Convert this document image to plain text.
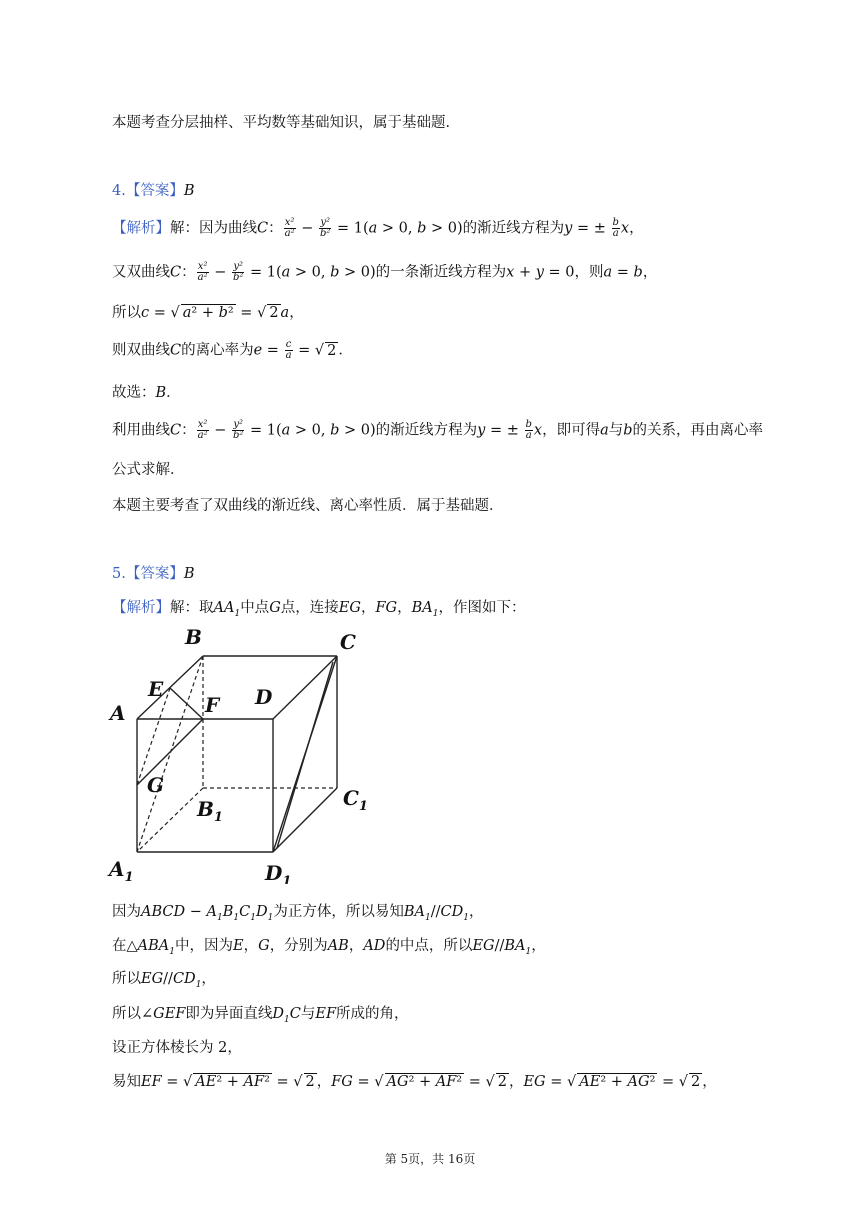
本题考查分层抽样、平均数等基础知识，属于基础题．
4.【答案】B
【解析】解：因为曲线C： $\frac{\text{x²}}{\text{a²}} - \frac{\text{y²}}{\text{b²}} = 1(a > 0$, b > 0)的渐近线方程为y = ± $\frac{b}{a}$ x，
又双曲线C： $\frac{\text{x²}}{\text{a²}} - \frac{\text{y²}}{\text{b²}} = 1(a > 0$, b > 0)的一条渐近线方程为x + y = 0，则a = b，
所以c = √ a² + b² = √ 2 a，
则双曲线C的离心率为$e = \frac{c}{a}$ = √ 2 ．
故选：B．
利用曲线C： $\frac{\text{x²}}{\text{a²}} - \frac{\text{y²}}{\text{b²}} = 1(a > 0$, b > 0)的渐近线方程为y = ± $\frac{b}{a}$ x，即可得a与b的关系，再由离心率
公式求解．
本题主要考查了双曲线的渐近线、离心率性质．属于基础题．
5.【答案】B
【解析】解：取$AA_1$中点G点，连接EG，FG，$BA_1$，作图如下：
B	C
E
F D
A
G
$B_1$
$C_1$
$A_1$	$D_1$
因为ABCD − $A_1B_1C_1D_1$为正方体，所以易知$BA_1//CD_1$，
在$\triangle ABA_1$中，因为E，G，分别为AB，AD的中点，所以$EG//BA_1$，
所以$EG//CD_1$，
所以∠GEF即为异面直线$D_1C$与EF所成的角，
设正方体棱长为 2，
易知EF = √ AE² + AF² = √ 2 ，FG = √ AG² + AF² = √ 2 ，EG = √ AE² + AG² = √ 2 ，
第 5页，共 16页
